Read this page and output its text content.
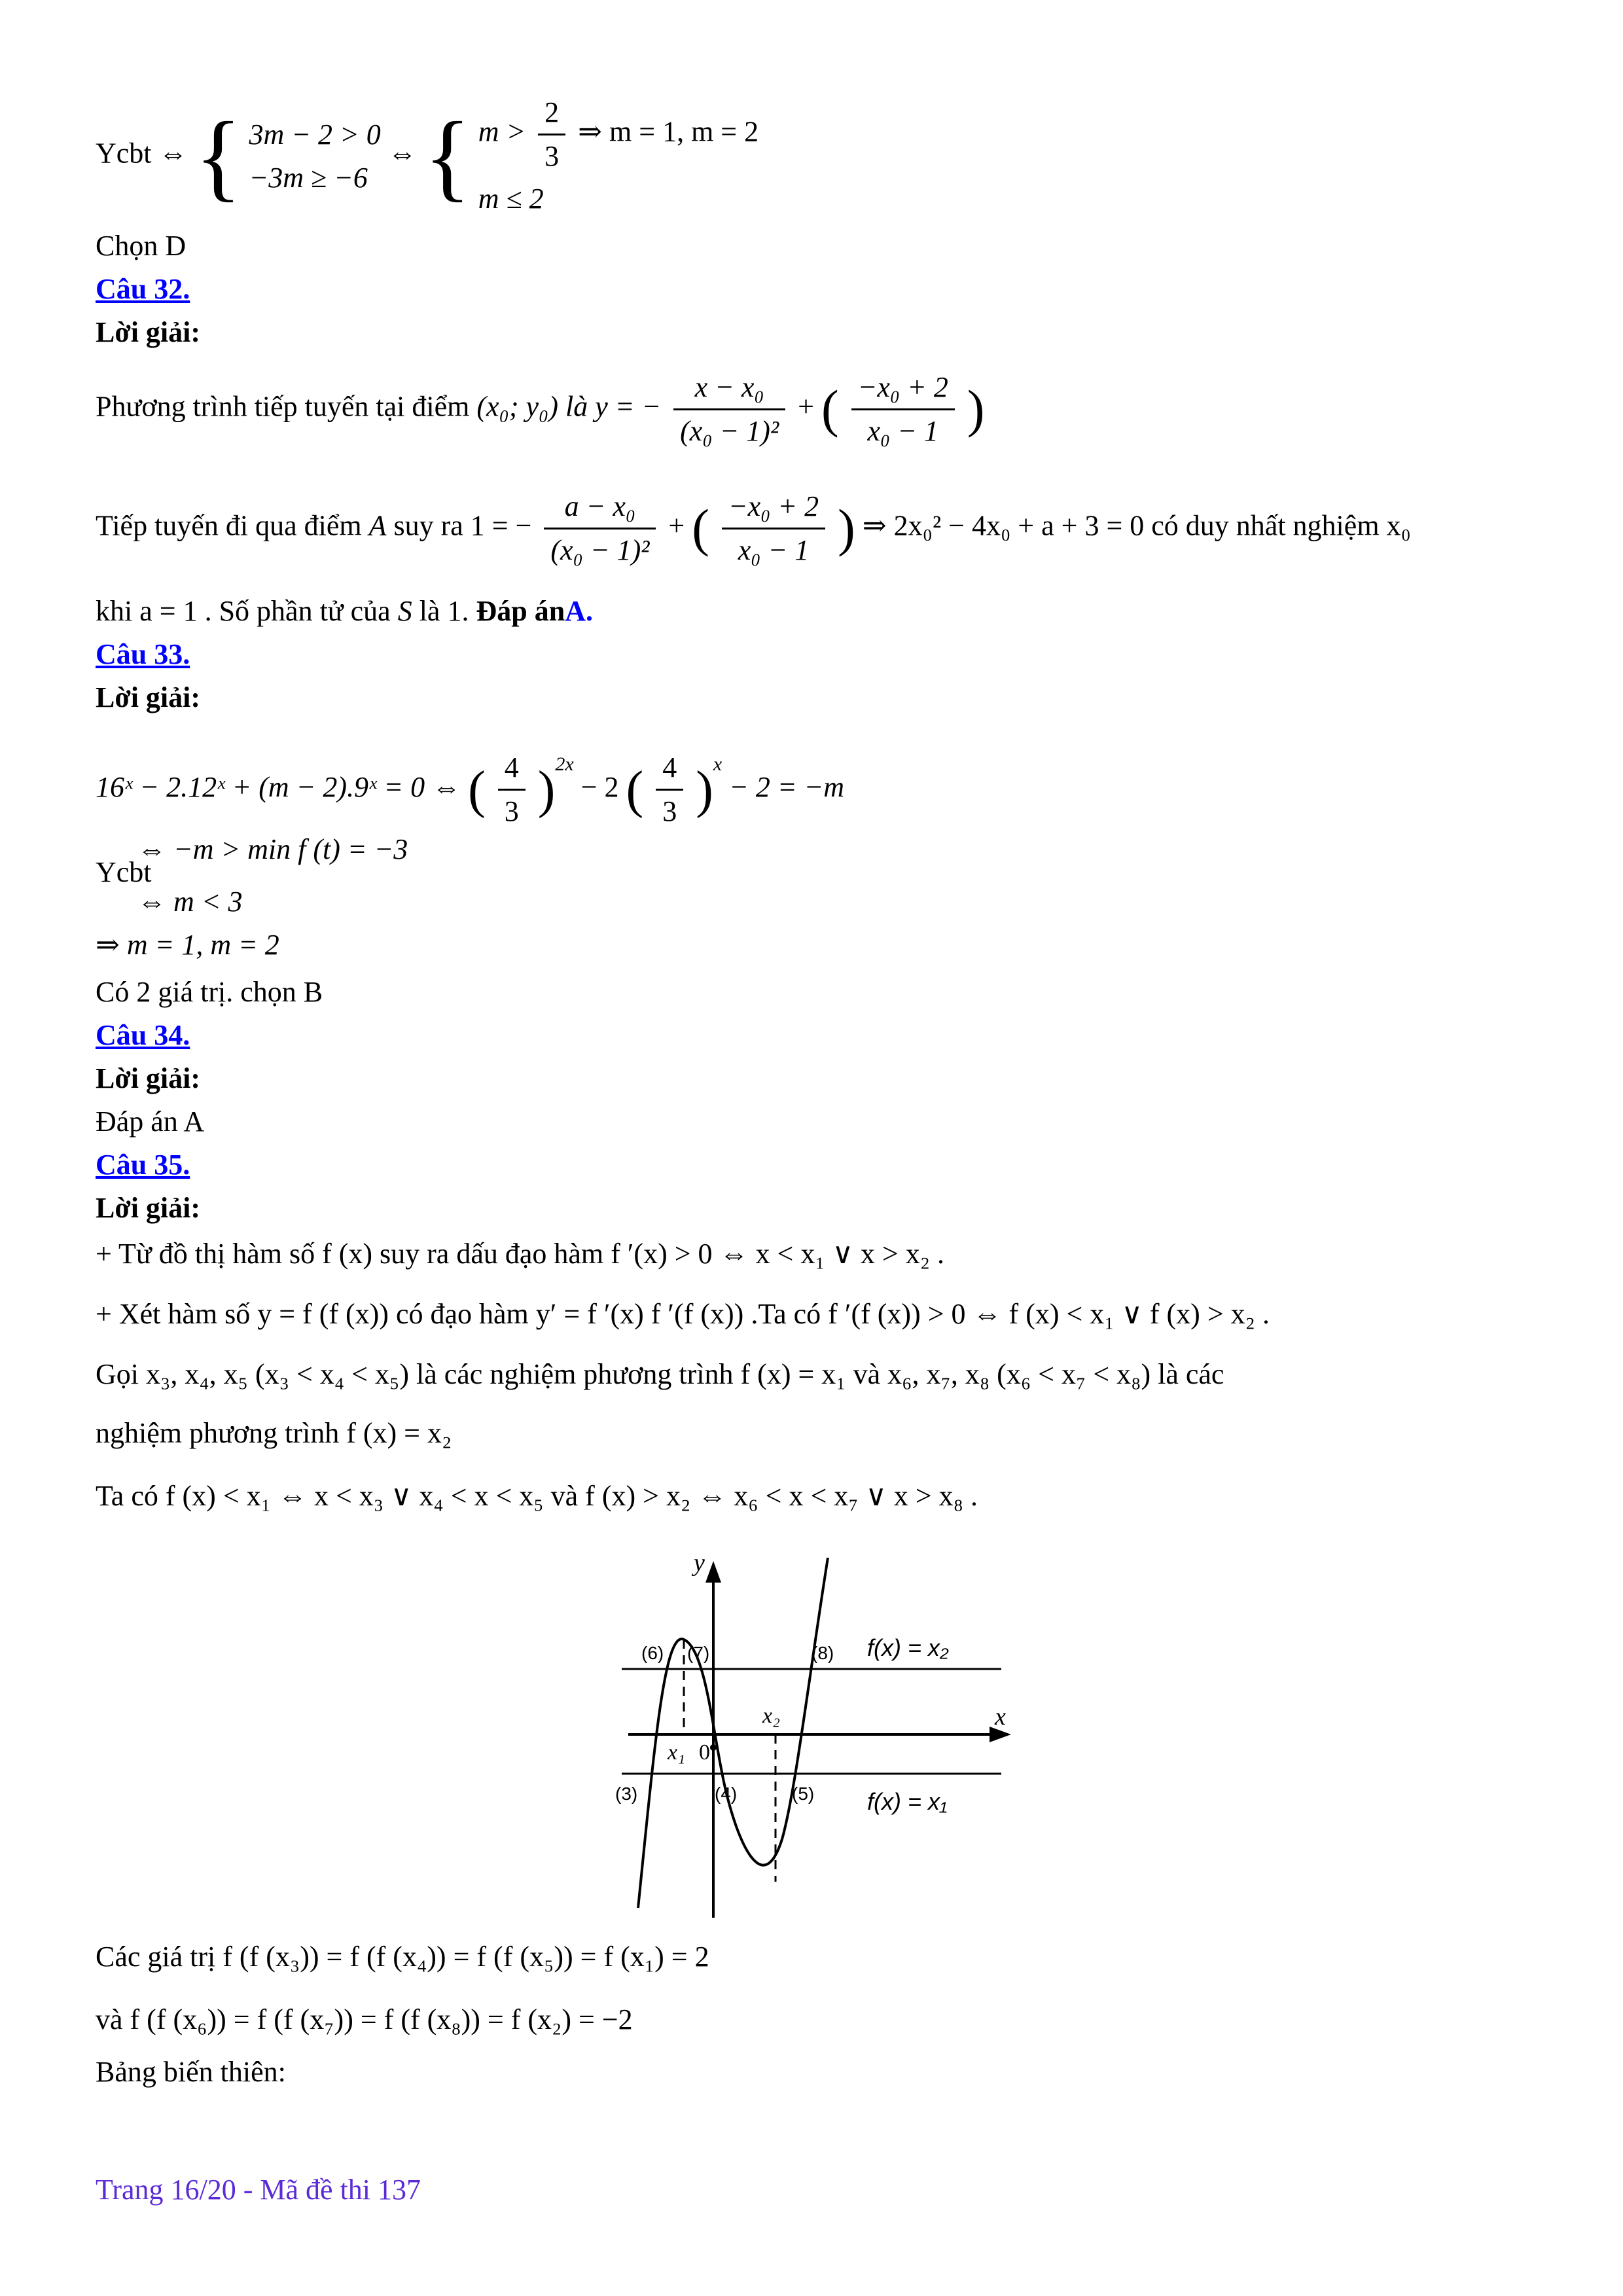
Ycbt ⇔ { 3m − 2 > 0
−3m ≥ −6
⇔ { $m > \frac{2}{3}$ ⇒ m = 1, m = 2
m ≤ 2
Chọn D
Câu 32.
Lời giải:
Phương trình tiếp tuyến tại điểm (x₀; y₀) là y = − $\frac{\text{x − x₀}}{\text{(x₀ − 1)²}}$ + ( $\frac{\text{−x₀ + 2}}{\text{x₀ − 1}}$ )
Tiếp tuyến đi qua điểm A suy ra 1 = − $\frac{\text{a − x₀}}{\text{(x₀ − 1)²}}$ + ( $\frac{\text{−x₀ + 2}}{\text{x₀ − 1}}$ ) ⇒ 2x₀² − 4x₀ + a + 3 = 0 có duy nhất nghiệm x₀
khi a = 1 . Số phần tử của S là 1. Đáp ánA.
Câu 33.
Lời giải:
16ˣ − 2.12ˣ + (m − 2).9ˣ = 0 ⇔ ( $\frac{4}{3} )^{2x} - 2$ ( $\frac{4}{3} )^x - 2 = -m$
⇔ −m > min f (t) = −3
Ycbt
⇔ m < 3
⇒ m = 1, m = 2
Có 2 giá trị. chọn B
Câu 34.
Lời giải:
Đáp án A
Câu 35.
Lời giải:
+ Từ đồ thị hàm số f (x) suy ra dấu đạo hàm f ′(x) > 0 ⇔ x < x₁ ∨ x > x₂ .
+ Xét hàm số y = f (f (x)) có đạo hàm y′ = f ′(x) f ′(f (x)) .Ta có f ′(f (x)) > 0 ⇔ f (x) < x₁ ∨ f (x) > x₂ .
Gọi x₃, x₄, x₅ (x₃ < x₄ < x₅) là các nghiệm phương trình f (x) = x₁ và x₆, x₇, x₈ (x₆ < x₇ < x₈) là các
nghiệm phương trình f (x) = x₂
Ta có f (x) < x₁ ⇔ x < x₃ ∨ x₄ < x < x₅ và f (x) > x₂ ⇔ x₆ < x < x₇ ∨ x > x₈ .
y
x
f(x) = x₂
f(x) = x₁
(6) (7)	(8)
(3)	(4)	(5)
x₁ 0
x₂
Các giá trị f (f (x₃)) = f (f (x₄)) = f (f (x₅)) = f (x₁) = 2
và f (f (x₆)) = f (f (x₇)) = f (f (x₈)) = f (x₂) = −2
Bảng biến thiên:
Trang 16/20 - Mã đề thi 137
